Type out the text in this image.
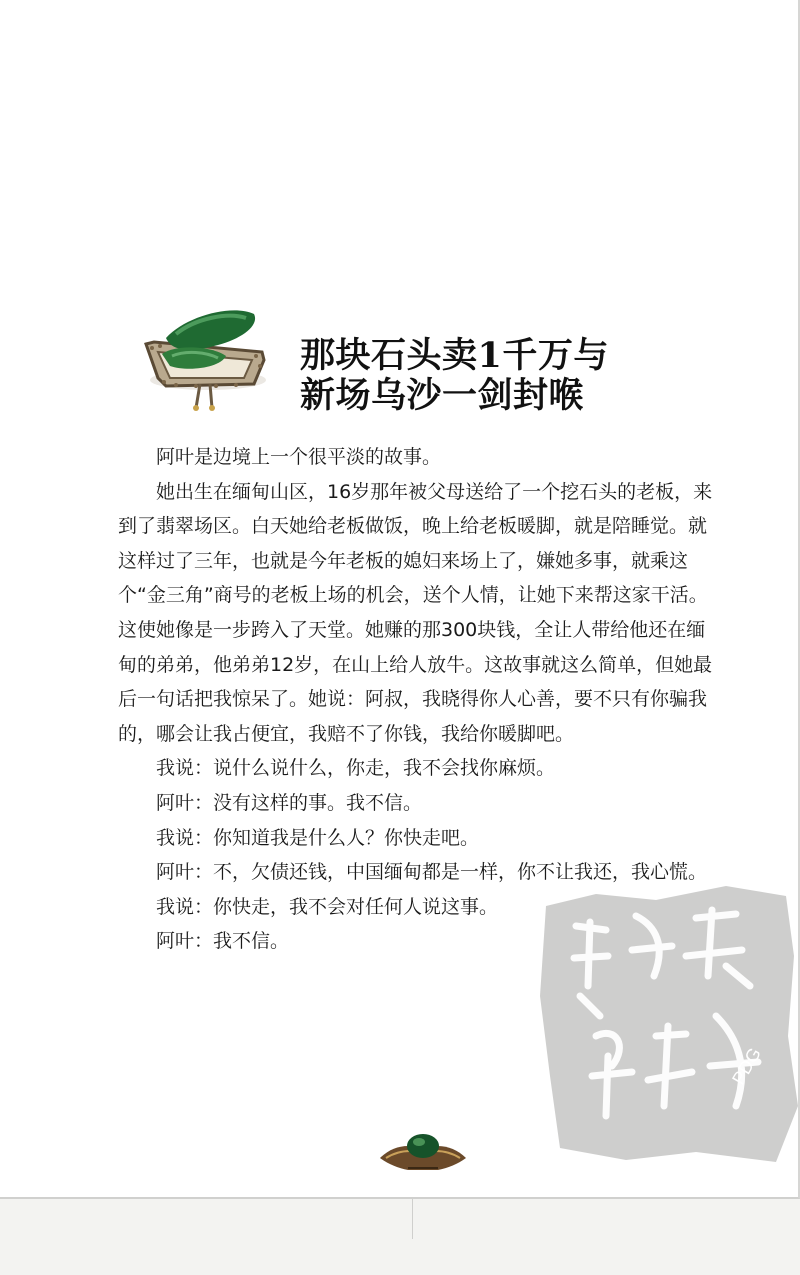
那块石头卖1千万与
新场乌沙一剑封喉

阿叶是边境上一个很平淡的故事。

她出生在缅甸山区，16岁那年被父母送给了一个挖石头的老板，来到了翡翠场区。白天她给老板做饭，晚上给老板暖脚，就是陪睡觉。就这样过了三年，也就是今年老板的媳妇来场上了，嫌她多事，就乘这个“金三角”商号的老板上场的机会，送个人情，让她下来帮这家干活。这使她像是一步跨入了天堂。她赚的那300块钱，全让人带给他还在缅甸的弟弟，他弟弟12岁，在山上给人放牛。这故事就这么简单，但她最后一句话把我惊呆了。她说：阿叔，我晓得你人心善，要不只有你骗我的，哪会让我占便宜，我赔不了你钱，我给你暖脚吧。

我说：说什么说什么，你走，我不会找你麻烦。

阿叶：没有这样的事。我不信。

我说：你知道我是什么人？你快走吧。

阿叶：不，欠债还钱，中国缅甸都是一样，你不让我还，我心慌。

我说：你快走，我不会对任何人说这事。

阿叶：我不信。

PDG
